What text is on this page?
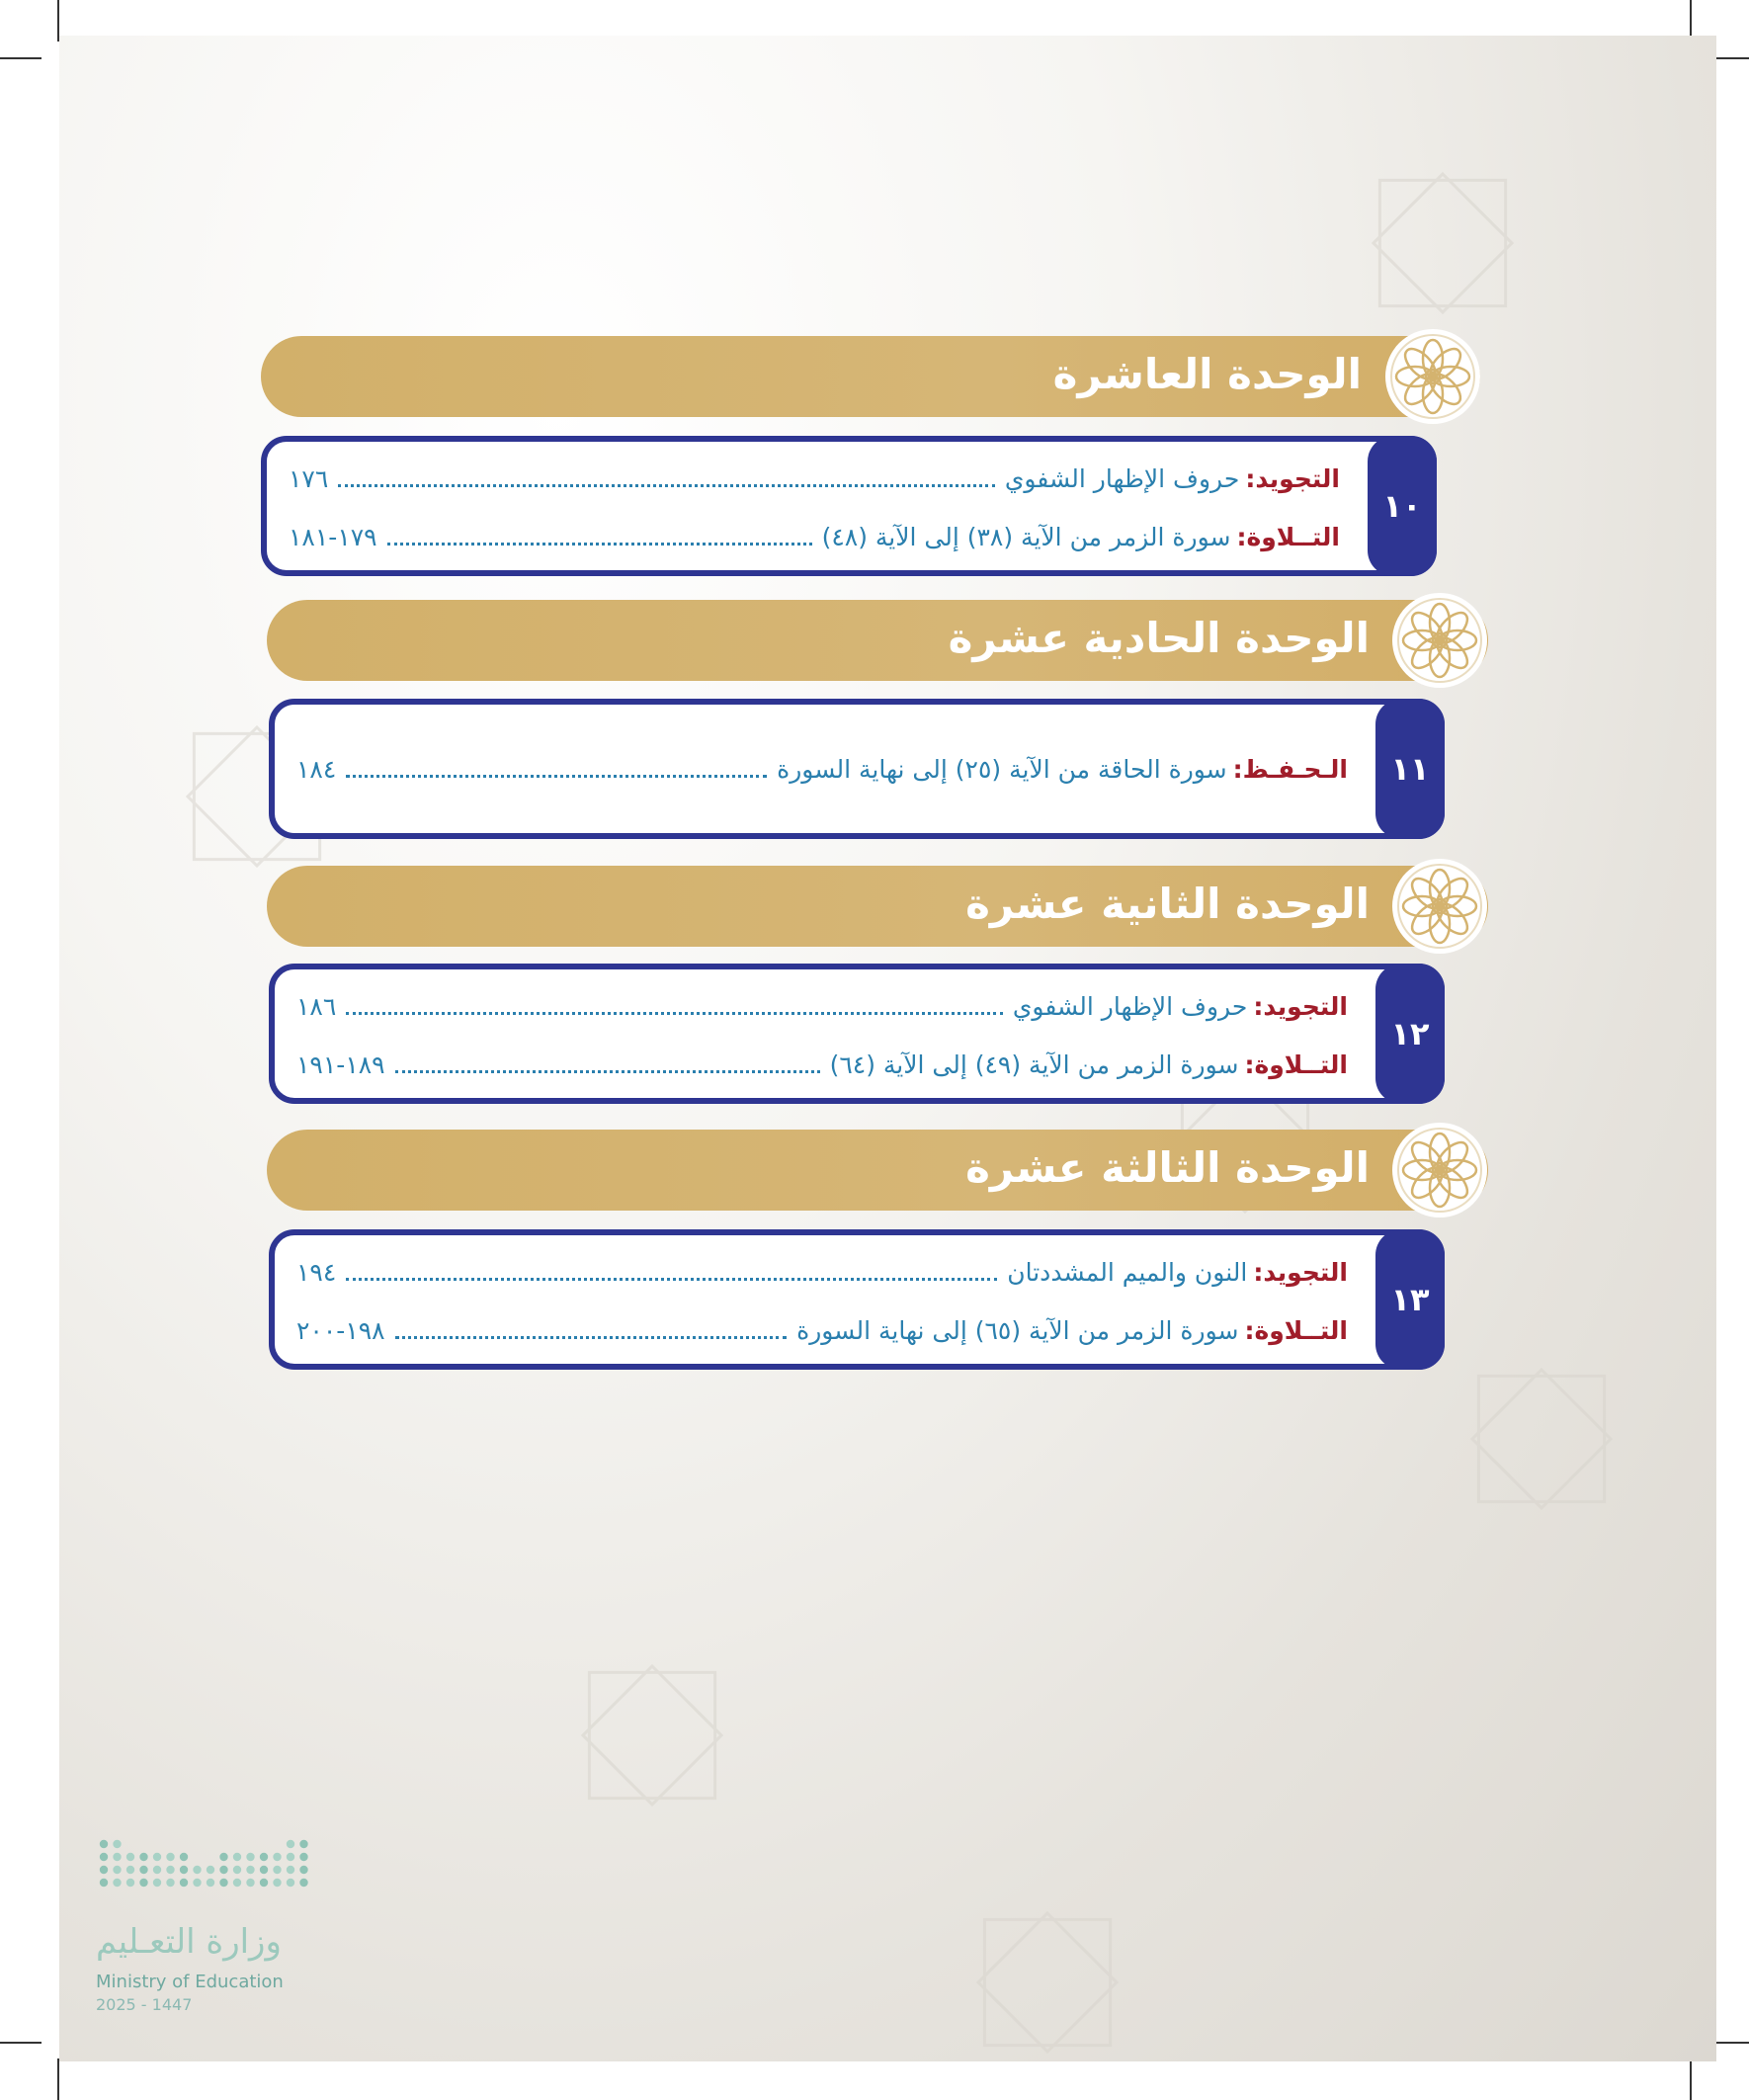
الوحدة العاشرة
١٠
التجويد
:
حروف الإظهار الشفوي
١٧٦
التــلاوة
:
سورة الزمر من الآية (٣٨) إلى الآية (٤٨)
١٧٩-١٨١
الوحدة الحادية عشرة
١١
الـحـفـظ
:
سورة الحاقة من الآية (٢٥) إلى نهاية السورة
١٨٤
الوحدة الثانية عشرة
١٢
التجويد
:
حروف الإظهار الشفوي
١٨٦
التــلاوة
:
سورة الزمر من الآية (٤٩) إلى الآية (٦٤)
١٨٩-١٩١
الوحدة الثالثة عشرة
١٣
التجويد
:
النون والميم المشددتان
١٩٤
التــلاوة
:
سورة الزمر من الآية (٦٥) إلى نهاية السورة
١٩٨-٢٠٠
وزارة التعـليم
Ministry of Education
2025 - 1447
